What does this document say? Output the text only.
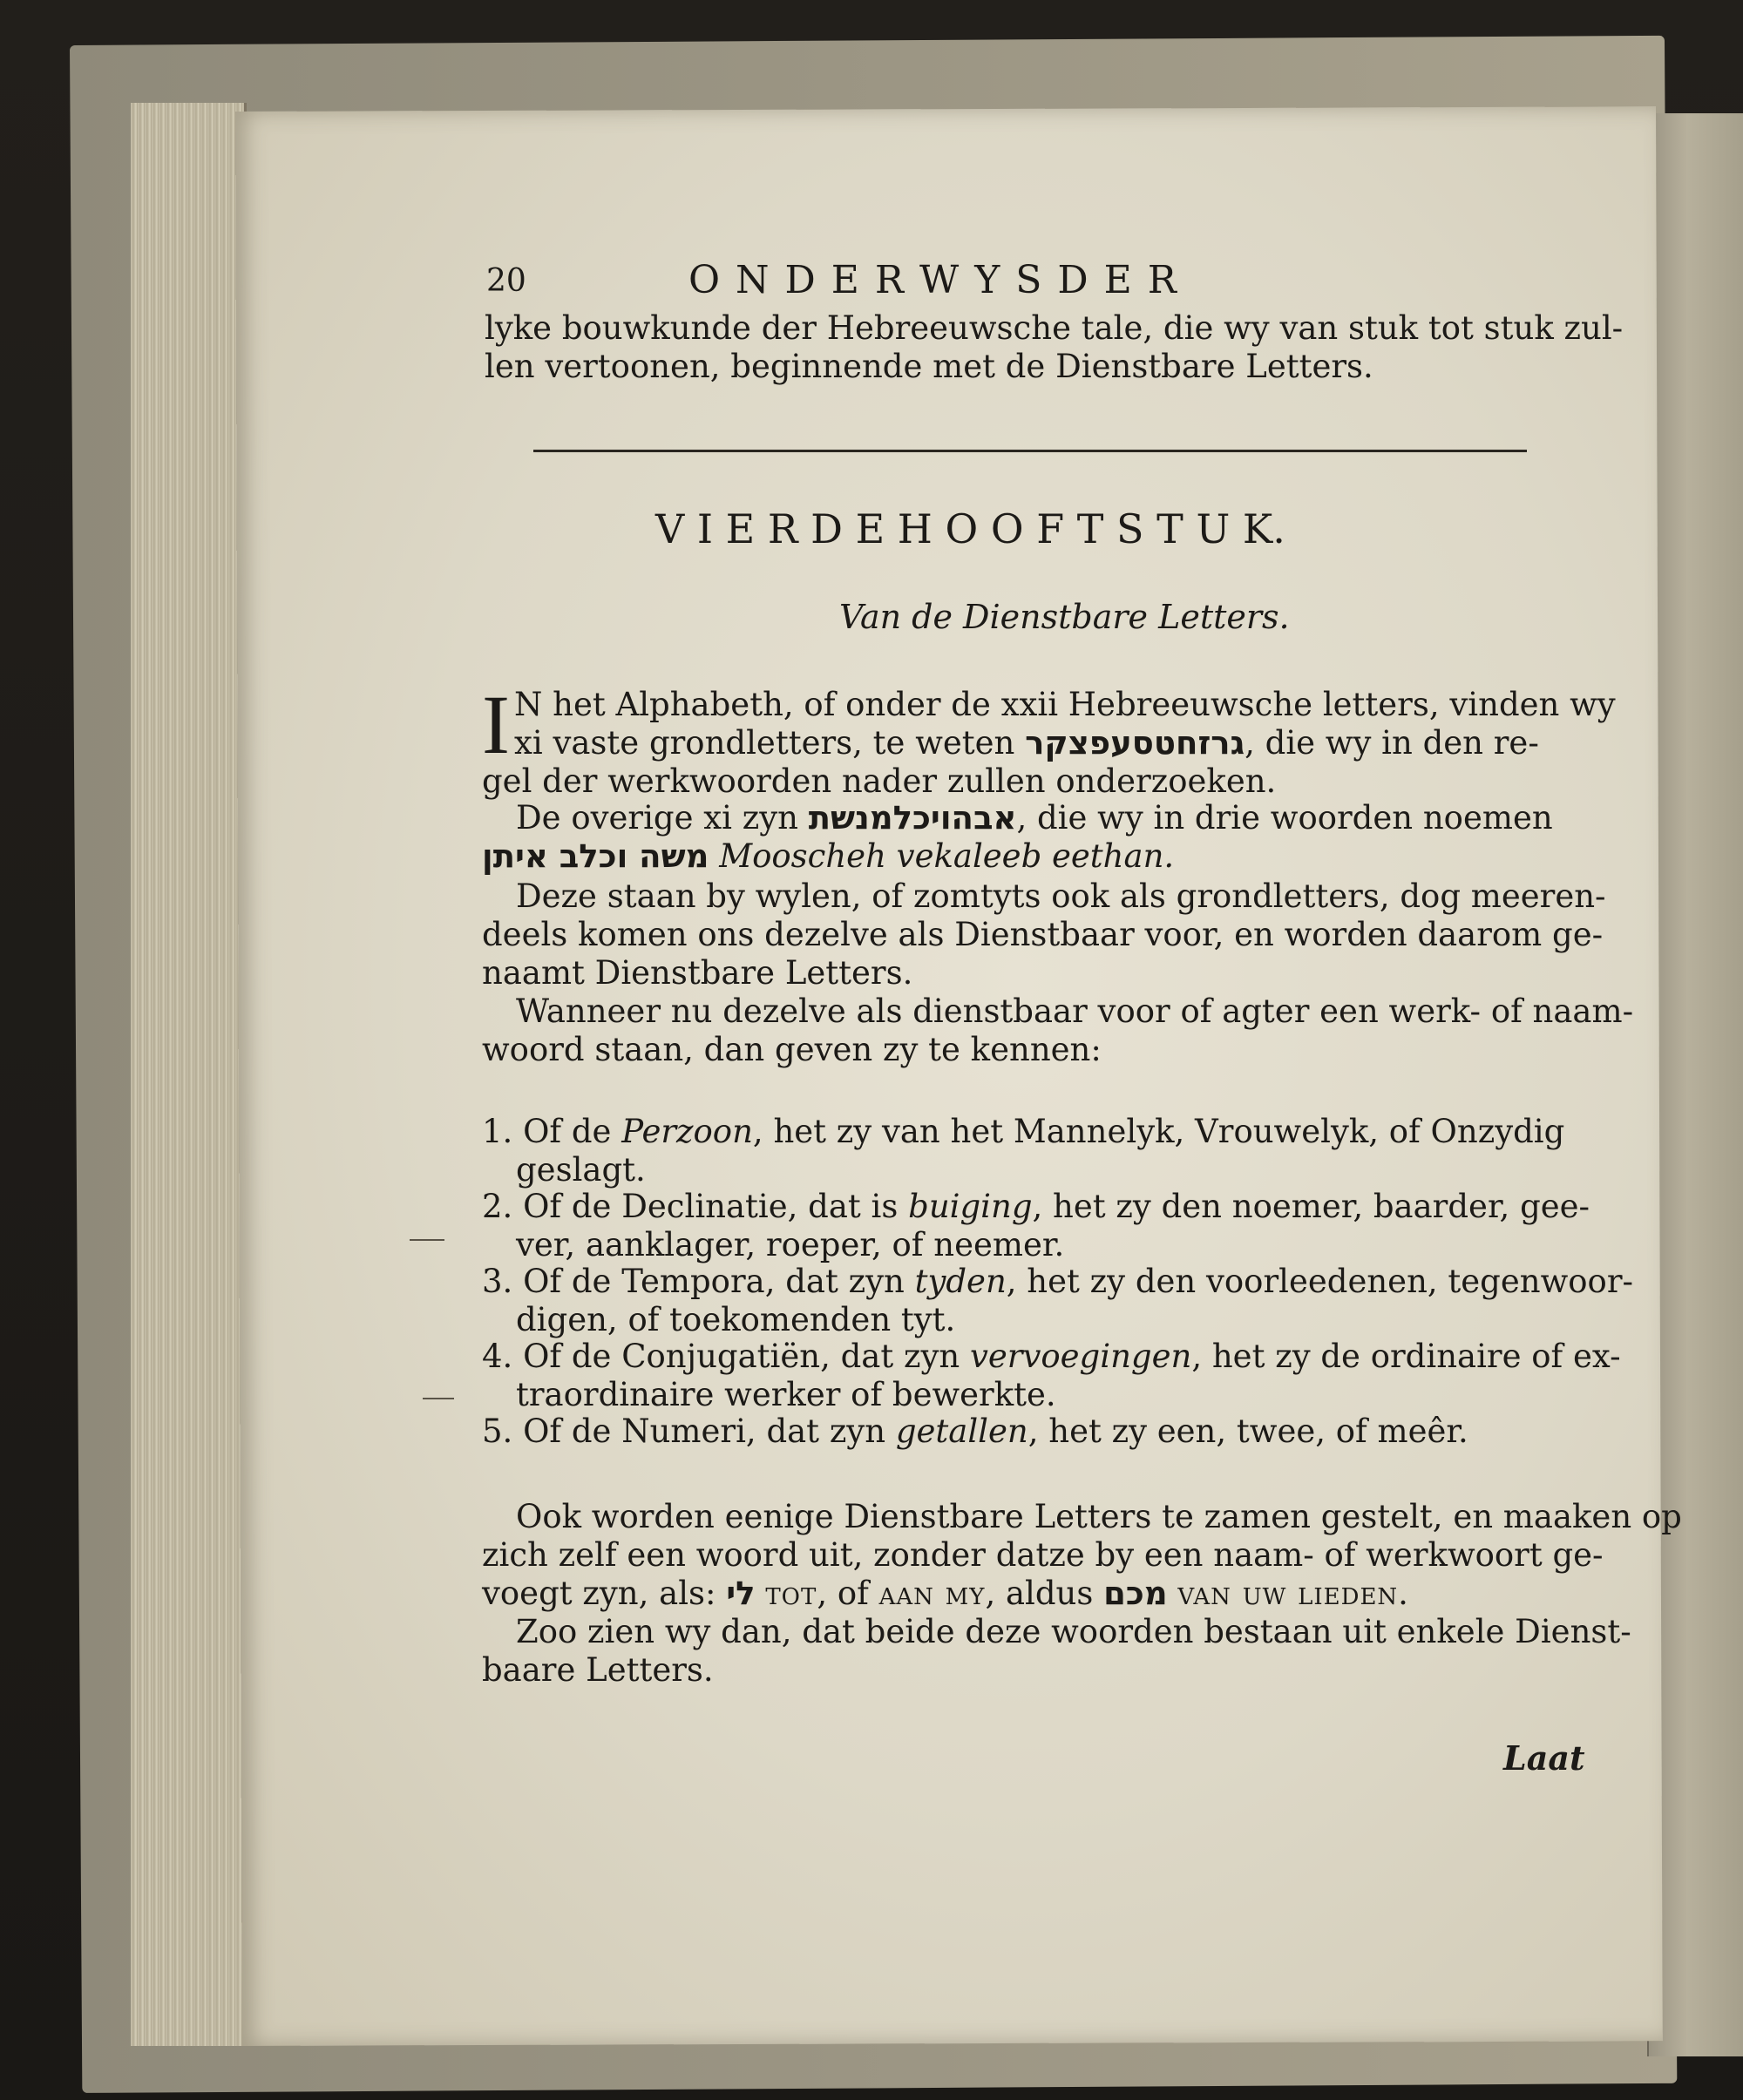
20	O N D E R W Y S D E R
lyke bouwkunde der Hebreeuwsche tale, die wy van stuk tot stuk zul-
len vertoonen, beginnende met de Dienstbare Letters.
V I E R D E H O O F T S T U K.
Van de Dienstbare Letters.
I N het Alphabeth, of onder de xxii Hebreeuwsche letters, vinden wy
xi vaste grondletters, te weten גרזחטסעפצקר, die wy in den re-
gel der werkwoorden nader zullen onderzoeken.
De overige xi zyn אבהויכלמנשת, die wy in drie woorden noemen
משה וכלב איתן Mooscheh vekaleeb eethan.
Deze staan by wylen, of zomtyts ook als grondletters, dog meeren-
deels komen ons dezelve als Dienstbaar voor, en worden daarom ge-
naamt Dienstbare Letters.
Wanneer nu dezelve als dienstbaar voor of agter een werk- of naam-
woord staan, dan geven zy te kennen:
1. Of de Perzoon, het zy van het Mannelyk, Vrouwelyk, of Onzydig
geslagt.
2. Of de Declinatie, dat is buiging, het zy den noemer, baarder, gee-
ver, aanklager, roeper, of neemer.
3. Of de Tempora, dat zyn tyden, het zy den voorleedenen, tegenwoor-
digen, of toekomenden tyt.
4. Of de Conjugatiën, dat zyn vervoegingen, het zy de ordinaire of ex-
traordinaire werker of bewerkte.
5. Of de Numeri, dat zyn getallen, het zy een, twee, of meêr.
Ook worden eenige Dienstbare Letters te zamen gestelt, en maaken op
zich zelf een woord uit, zonder datze by een naam- of werkwoort ge-
voegt zyn, als: לי tot, of aan my, aldus מכם van uw lieden.
Zoo zien wy dan, dat beide deze woorden bestaan uit enkele Dienst-
baare Letters.
Laat
